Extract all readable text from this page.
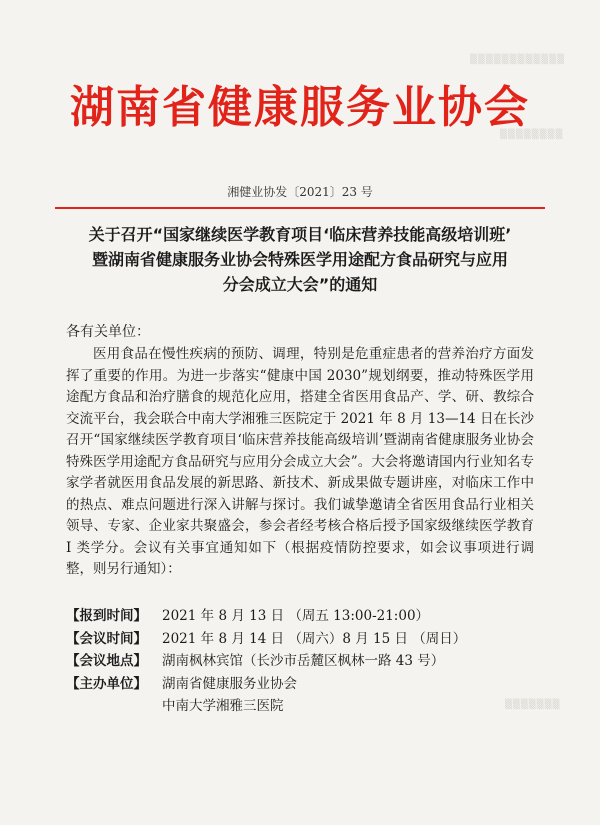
▒▒▒▒▒▒▒▒▒▒▒▒
▒▒▒▒▒▒▒▒
▒▒▒▒▒▒▒
湖南省健康服务业协会
湘健业协发〔2021〕23 号
关于召开“国家继续医学教育项目‘临床营养技能高级培训班’
暨湖南省健康服务业协会特殊医学用途配方食品研究与应用
分会成立大会”的通知
各有关单位：

医用食品在慢性疾病的预防、调理，特别是危重症患者的营养治疗方面发挥了重要的作用。为进一步落实“健康中国 2030”规划纲要，推动特殊医学用途配方食品和治疗膳食的规范化应用，搭建全省医用食品产、学、研、教综合交流平台，我会联合中南大学湘雅三医院定于 2021 年 8 月 13—14 日在长沙召开“国家继续医学教育项目‘临床营养技能高级培训’暨湖南省健康服务业协会特殊医学用途配方食品研究与应用分会成立大会”。大会将邀请国内行业知名专家学者就医用食品发展的新思路、新技术、新成果做专题讲座，对临床工作中的热点、难点问题进行深入讲解与探讨。我们诚挚邀请全省医用食品行业相关领导、专家、企业家共聚盛会，参会者经考核合格后授予国家级继续医学教育 I 类学分。会议有关事宜通知如下（根据疫情防控要求，如会议事项进行调整，则另行通知）：

【报到时间】	2021 年 8 月 13 日 （周五 13:00-21:00）
【会议时间】	2021 年 8 月 14 日 （周六）8 月 15 日 （周日）
【会议地点】	湖南枫林宾馆（长沙市岳麓区枫林一路 43 号）
【主办单位】	湖南省健康服务业协会
中南大学湘雅三医院
